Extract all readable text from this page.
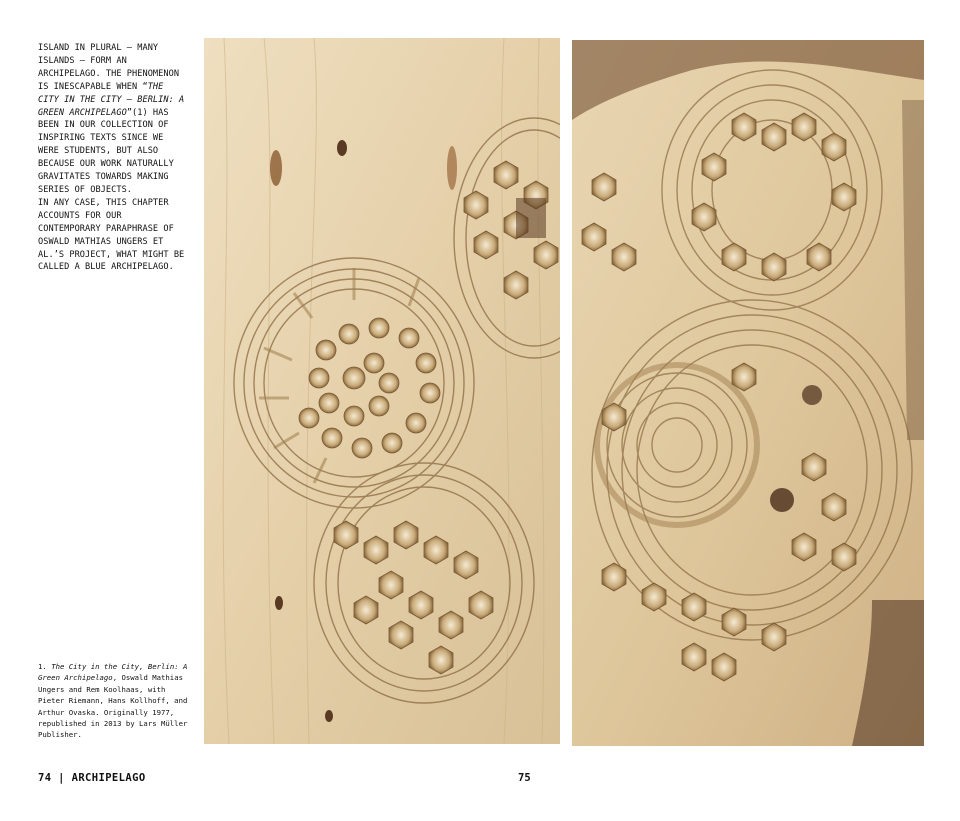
ISLAND IN PLURAL – MANY ISLANDS – FORM AN ARCHIPELAGO. THE PHENOMENON IS INESCAPABLE WHEN “THE CITY IN THE CITY – BERLIN: A GREEN ARCHIPELAGO”(1) HAS BEEN IN OUR COLLECTION OF INSPIRING TEXTS SINCE WE WERE STUDENTS, BUT ALSO BECAUSE OUR WORK NATURALLY GRAVITATES TOWARDS MAKING SERIES OF OBJECTS.

IN ANY CASE, THIS CHAPTER ACCOUNTS FOR OUR CONTEMPORARY PARAPHRASE OF OSWALD MATHIAS UNGERS ET AL.’S PROJECT, WHAT MIGHT BE CALLED A BLUE ARCHIPELAGO.

1. The City in the City, Berlin: A Green Archipelago, Oswald Mathias Ungers and Rem Koolhaas, with Pieter Riemann, Hans Kollhoff, and Arthur Ovaska. Originally 1977, republished in 2013 by Lars Müller Publisher.
74 | ARCHIPELAGO	75
